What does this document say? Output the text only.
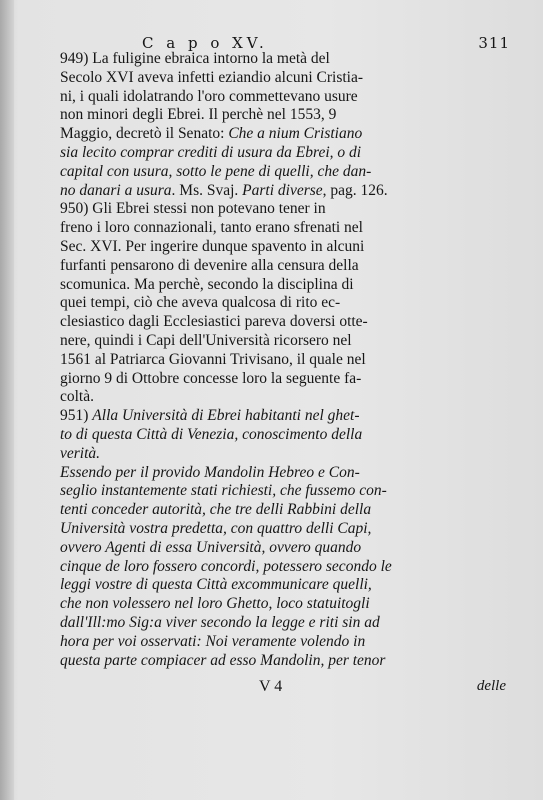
C a p o XV.	311

949) La fuligine ebraica intorno la metà del

Secolo XVI aveva infetti eziandio alcuni Cristia-

ni, i quali idolatrando l'oro commettevano usure

non minori degli Ebrei. Il perchè nel 1553, 9

Maggio, decretò il Senato: Che a nium Cristiano

sia lecito comprar crediti di usura da Ebrei, o di

capital con usura, sotto le pene di quelli, che dan-

no danari a usura. Ms. Svaj. Parti diverse, pag. 126.

950) Gli Ebrei stessi non potevano tener in

freno i loro connazionali, tanto erano sfrenati nel

Sec. XVI. Per ingerire dunque spavento in alcuni

furfanti pensarono di devenire alla censura della

scomunica. Ma perchè, secondo la disciplina di

quei tempi, ciò che aveva qualcosa di rito ec-

clesiastico dagli Ecclesiastici pareva doversi otte-

nere, quindi i Capi dell'Università ricorsero nel

1561 al Patriarca Giovanni Trivisano, il quale nel

giorno 9 di Ottobre concesse loro la seguente fa-

coltà.

951) Alla Università di Ebrei habitanti nel ghet-

to di questa Città di Venezia, conoscimento della

verità.

Essendo per il provido Mandolin Hebreo e Con-

seglio instantemente stati richiesti, che fussemo con-

tenti conceder autorità, che tre delli Rabbini della

Università vostra predetta, con quattro delli Capi,

ovvero Agenti di essa Università, ovvero quando

cinque de loro fossero concordi, potessero secondo le

leggi vostre di questa Città excommunicare quelli,

che non volessero nel loro Ghetto, loco statuitogli

dall'Ill:mo Sig:a viver secondo la legge e riti sin ad

hora per voi osservati: Noi veramente volendo in

questa parte compiacer ad esso Mandolin, per tenor

V 4	delle
